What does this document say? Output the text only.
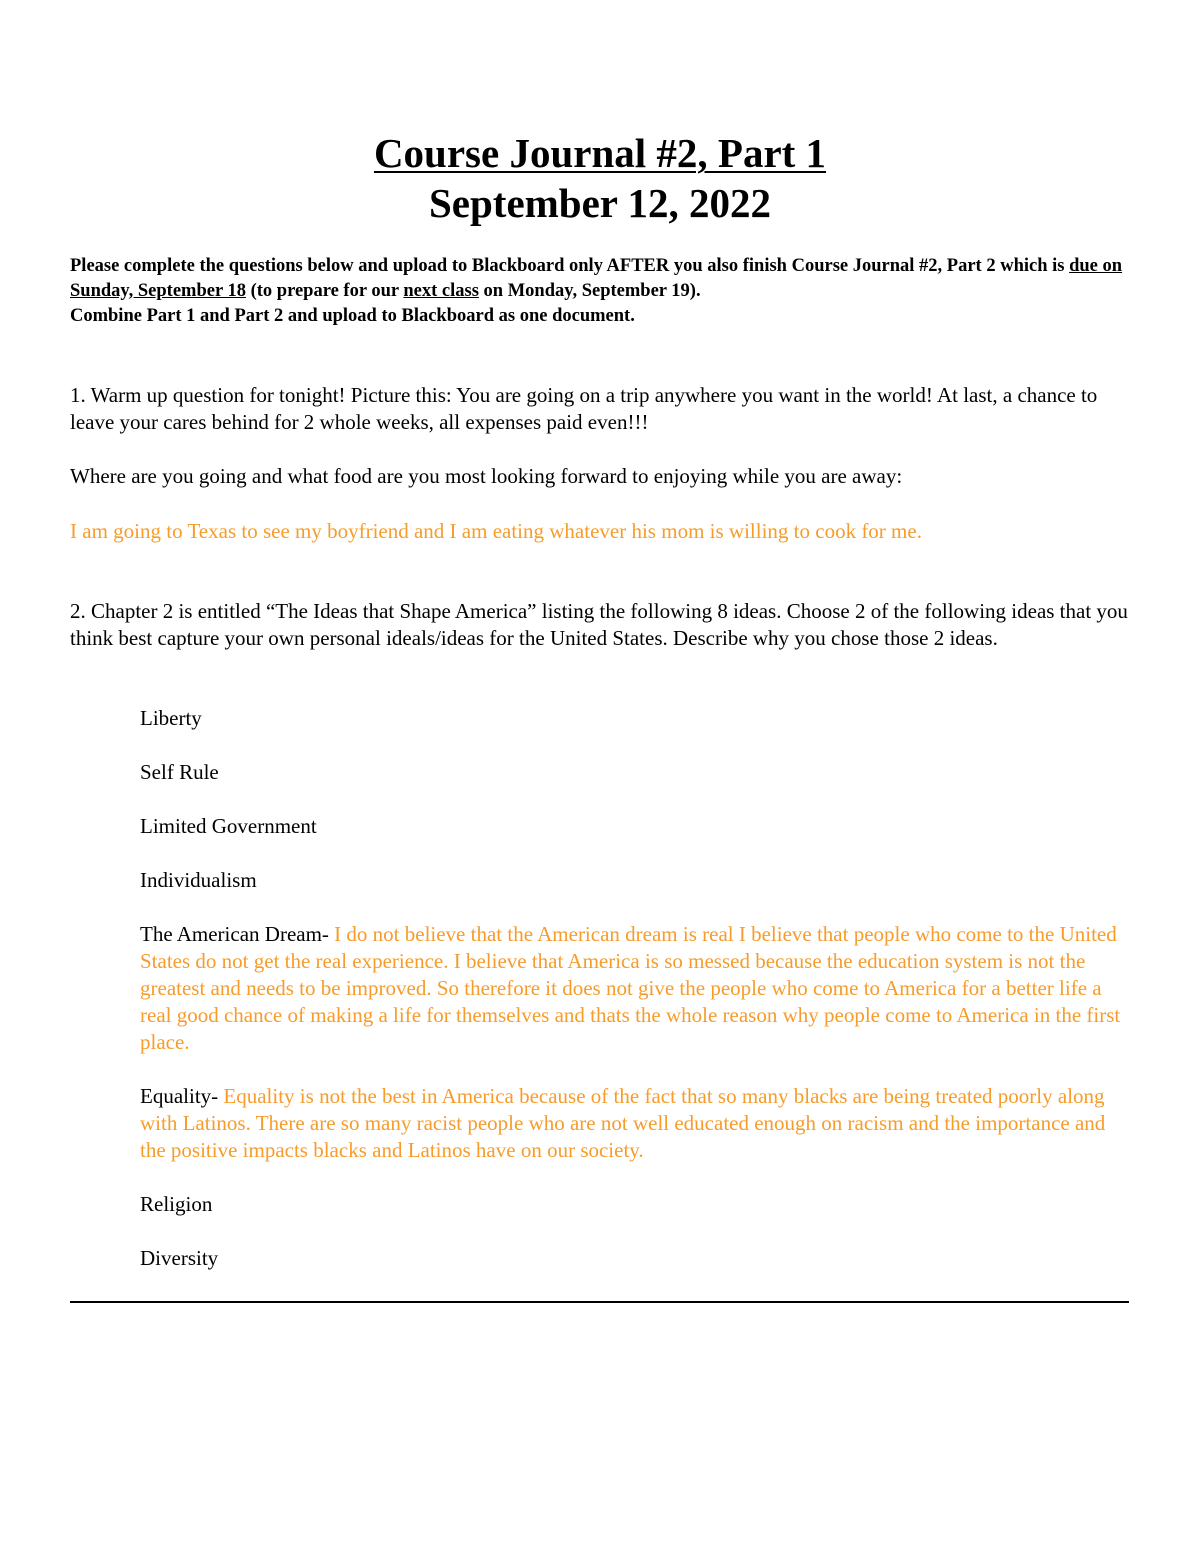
Course Journal #2, Part 1
September 12, 2022
Please complete the questions below and upload to Blackboard only AFTER you also finish Course Journal #2, Part 2 which is due on Sunday, September 18 (to prepare for our next class on Monday, September 19).
Combine Part 1 and Part 2 and upload to Blackboard as one document.
1. Warm up question for tonight! Picture this: You are going on a trip anywhere you want in the world! At last, a chance to leave your cares behind for 2 whole weeks, all expenses paid even!!!
Where are you going and what food are you most looking forward to enjoying while you are away:
I am going to Texas to see my boyfriend and I am eating whatever his mom is willing to cook for me.
2. Chapter 2 is entitled “The Ideas that Shape America” listing the following 8 ideas. Choose 2 of the following ideas that you think best capture your own personal ideals/ideas for the United States. Describe why you chose those 2 ideas.
Liberty
Self Rule
Limited Government
Individualism
The American Dream- I do not believe that the American dream is real I believe that people who come to the United States do not get the real experience. I believe that America is so messed because the education system is not the greatest and needs to be improved. So therefore it does not give the people who come to America for a better life a real good chance of making a life for themselves and thats the whole reason why people come to America in the first place.
Equality- Equality is not the best in America because of the fact that so many blacks are being treated poorly along with Latinos. There are so many racist people who are not well educated enough on racism and the importance and the positive impacts blacks and Latinos have on our society.
Religion
Diversity
